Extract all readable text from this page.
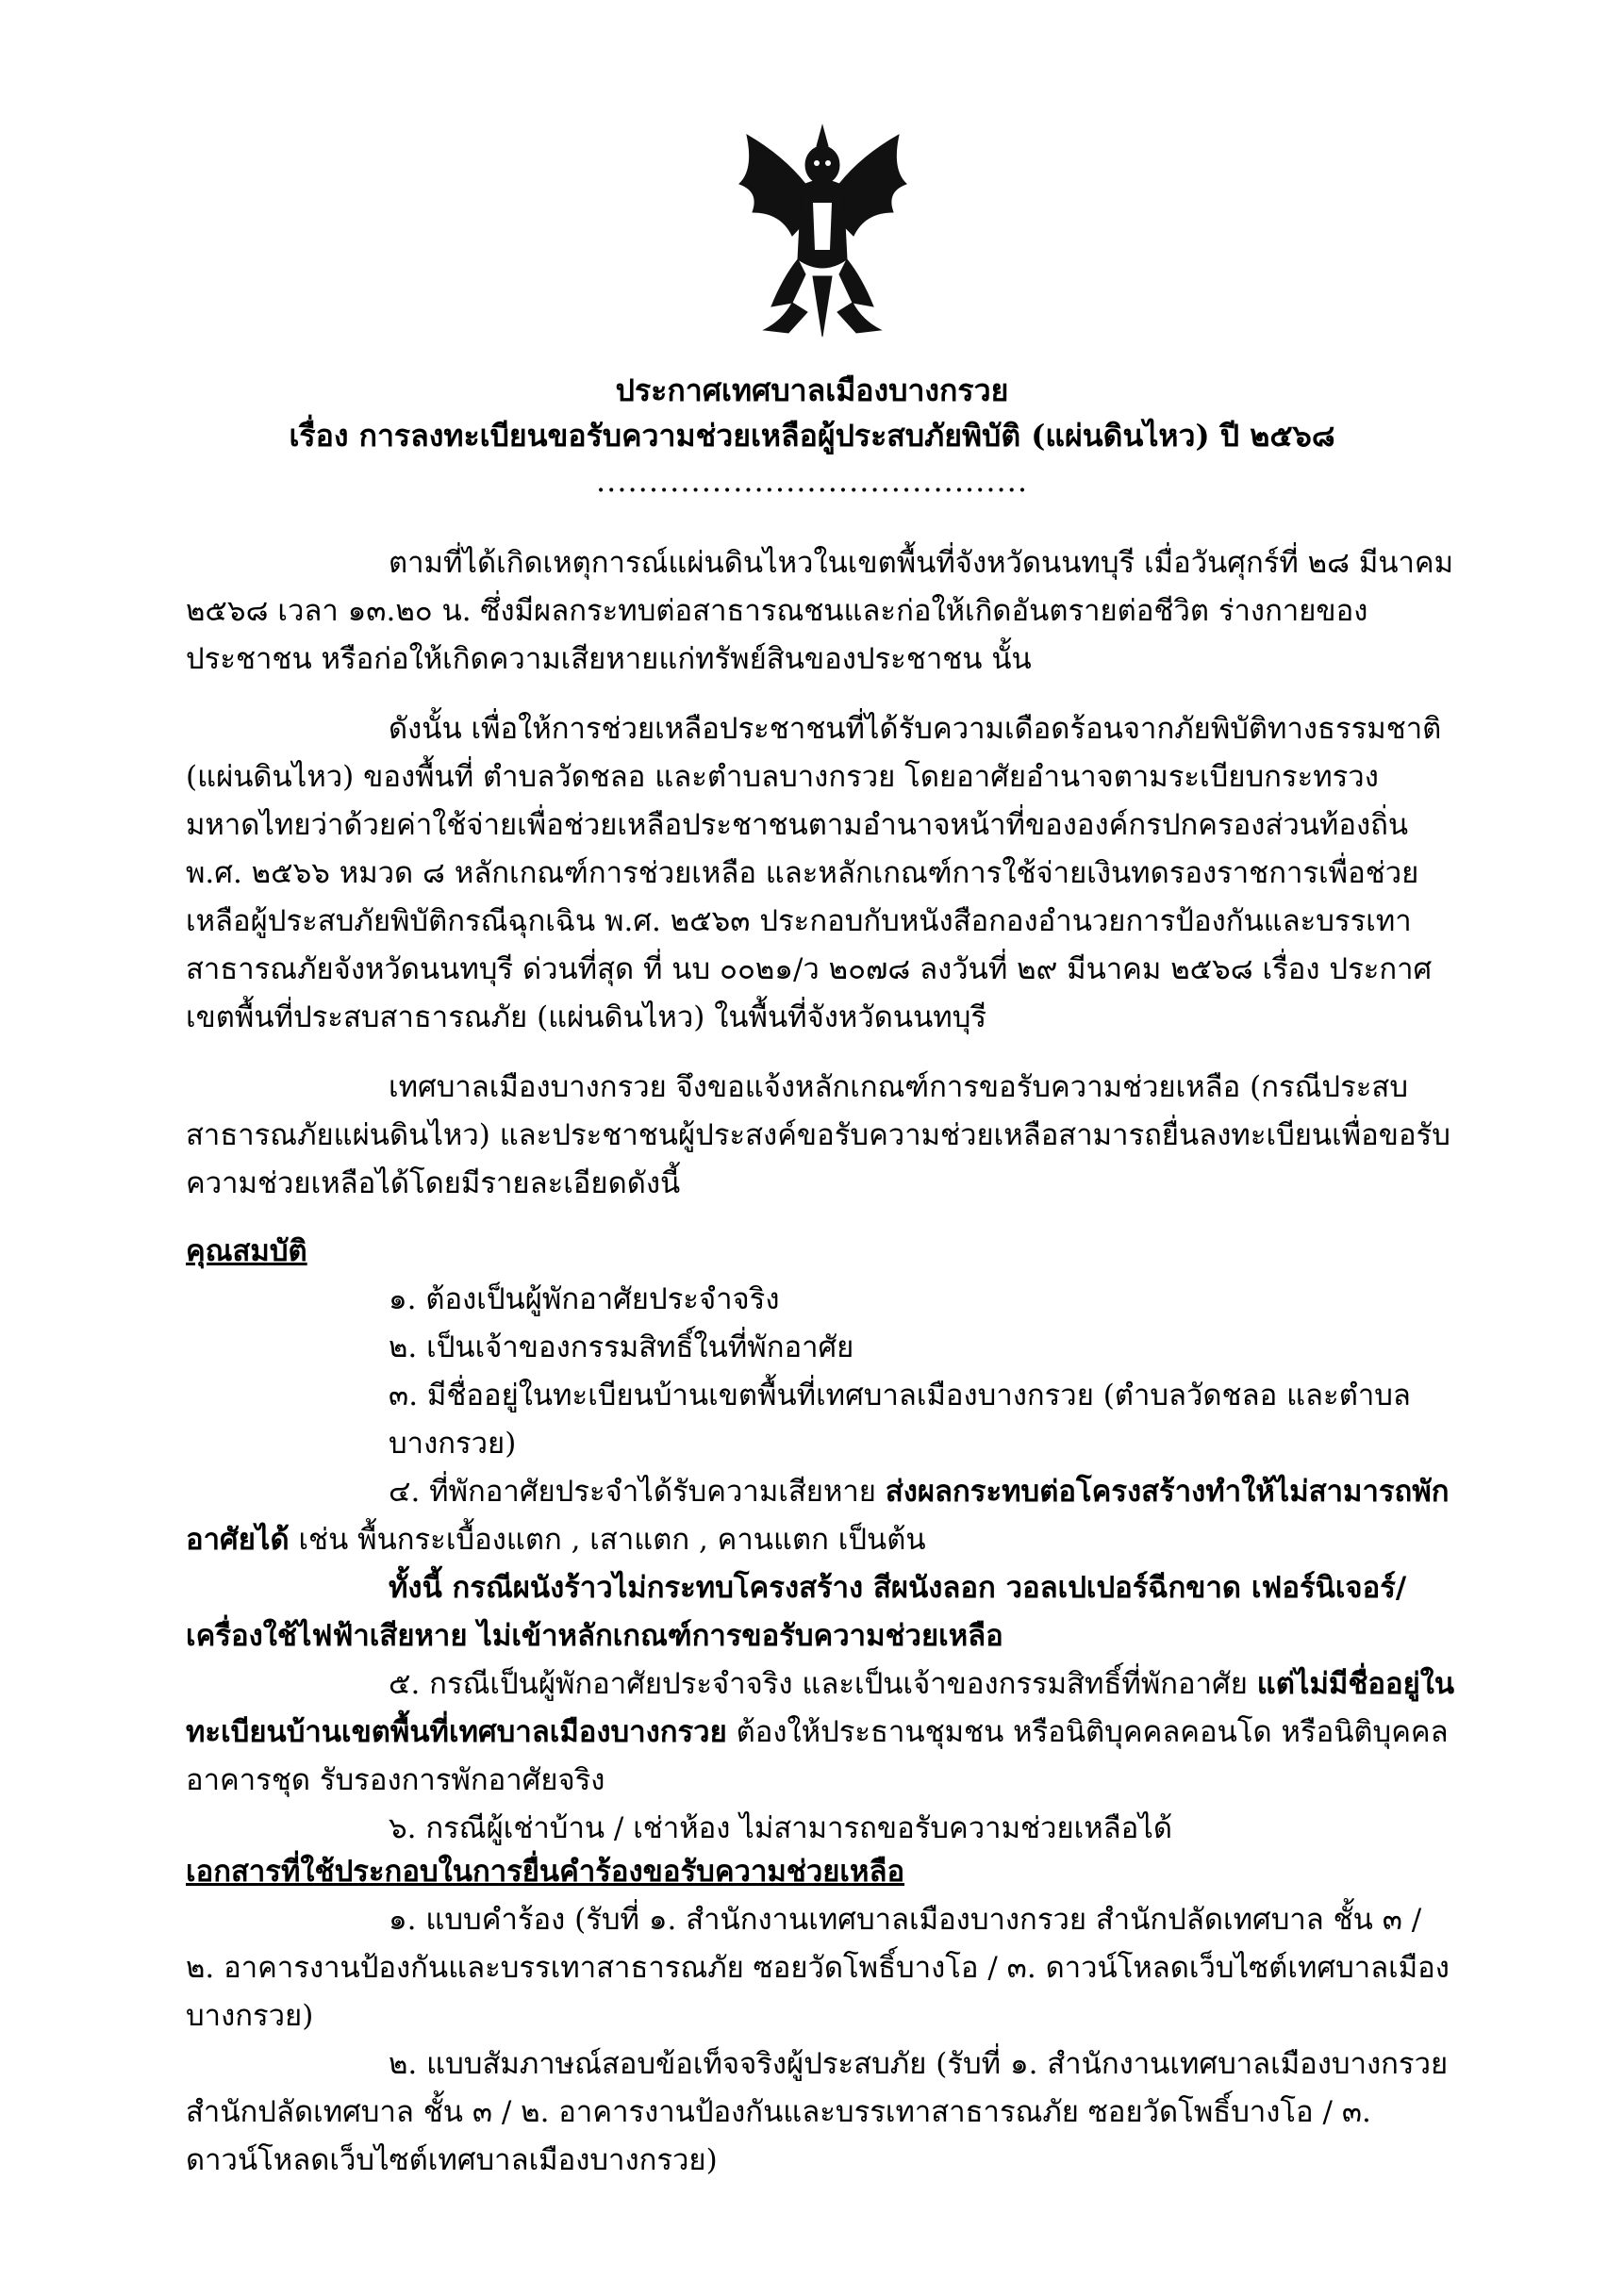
ประกาศเทศบาลเมืองบางกรวย
เรื่อง การลงทะเบียนขอรับความช่วยเหลือผู้ประสบภัยพิบัติ (แผ่นดินไหว) ปี ๒๕๖๘
.........................................

ตามที่ได้เกิดเหตุการณ์แผ่นดินไหวในเขตพื้นที่จังหวัดนนทบุรี เมื่อวันศุกร์ที่ ๒๘ มีนาคม ๒๕๖๘ เวลา ๑๓.๒๐ น. ซึ่งมีผลกระทบต่อสาธารณชนและก่อให้เกิดอันตรายต่อชีวิต ร่างกายของประชาชน หรือก่อให้เกิดความเสียหายแก่ทรัพย์สินของประชาชน นั้น

ดังนั้น เพื่อให้การช่วยเหลือประชาชนที่ได้รับความเดือดร้อนจากภัยพิบัติทางธรรมชาติ (แผ่นดินไหว) ของพื้นที่ ตำบลวัดชลอ และตำบลบางกรวย โดยอาศัยอำนาจตามระเบียบกระทรวงมหาดไทยว่าด้วยค่าใช้จ่ายเพื่อช่วยเหลือประชาชนตามอำนาจหน้าที่ขององค์กรปกครองส่วนท้องถิ่น พ.ศ. ๒๕๖๖ หมวด ๘ หลักเกณฑ์การช่วยเหลือ และหลักเกณฑ์การใช้จ่ายเงินทดรองราชการเพื่อช่วยเหลือผู้ประสบภัยพิบัติกรณีฉุกเฉิน พ.ศ. ๒๕๖๓ ประกอบกับหนังสือกองอำนวยการป้องกันและบรรเทาสาธารณภัยจังหวัดนนทบุรี ด่วนที่สุด ที่ นบ ๐๐๒๑/ว ๒๐๗๘ ลงวันที่ ๒๙ มีนาคม ๒๕๖๘ เรื่อง ประกาศเขตพื้นที่ประสบสาธารณภัย (แผ่นดินไหว) ในพื้นที่จังหวัดนนทบุรี

เทศบาลเมืองบางกรวย จึงขอแจ้งหลักเกณฑ์การขอรับความช่วยเหลือ (กรณีประสบสาธารณภัยแผ่นดินไหว) และประชาชนผู้ประสงค์ขอรับความช่วยเหลือสามารถยื่นลงทะเบียนเพื่อขอรับความช่วยเหลือได้โดยมีรายละเอียดดังนี้

คุณสมบัติ

๑. ต้องเป็นผู้พักอาศัยประจำจริง

๒. เป็นเจ้าของกรรมสิทธิ์ในที่พักอาศัย

๓. มีชื่ออยู่ในทะเบียนบ้านเขตพื้นที่เทศบาลเมืองบางกรวย (ตำบลวัดชลอ และตำบลบางกรวย)

๔. ที่พักอาศัยประจำได้รับความเสียหาย ส่งผลกระทบต่อโครงสร้างทำให้ไม่สามารถพักอาศัยได้ เช่น พื้นกระเบื้องแตก , เสาแตก , คานแตก เป็นต้น

ทั้งนี้ กรณีผนังร้าวไม่กระทบโครงสร้าง สีผนังลอก วอลเปเปอร์ฉีกขาด เฟอร์นิเจอร์/เครื่องใช้ไฟฟ้าเสียหาย ไม่เข้าหลักเกณฑ์การขอรับความช่วยเหลือ

๕. กรณีเป็นผู้พักอาศัยประจำจริง และเป็นเจ้าของกรรมสิทธิ์ที่พักอาศัย แต่ไม่มีชื่ออยู่ในทะเบียนบ้านเขตพื้นที่เทศบาลเมืองบางกรวย ต้องให้ประธานชุมชน หรือนิติบุคคลคอนโด หรือนิติบุคคลอาคารชุด รับรองการพักอาศัยจริง

๖. กรณีผู้เช่าบ้าน / เช่าห้อง ไม่สามารถขอรับความช่วยเหลือได้

เอกสารที่ใช้ประกอบในการยื่นคำร้องขอรับความช่วยเหลือ

๑. แบบคำร้อง (รับที่ ๑. สำนักงานเทศบาลเมืองบางกรวย สำนักปลัดเทศบาล ชั้น ๓ / ๒. อาคารงานป้องกันและบรรเทาสาธารณภัย ซอยวัดโพธิ์บางโอ / ๓. ดาวน์โหลดเว็บไซต์เทศบาลเมืองบางกรวย)

๒. แบบสัมภาษณ์สอบข้อเท็จจริงผู้ประสบภัย (รับที่ ๑. สำนักงานเทศบาลเมืองบางกรวย สำนักปลัดเทศบาล ชั้น ๓ / ๒. อาคารงานป้องกันและบรรเทาสาธารณภัย ซอยวัดโพธิ์บางโอ / ๓. ดาวน์โหลดเว็บไซต์เทศบาลเมืองบางกรวย)
